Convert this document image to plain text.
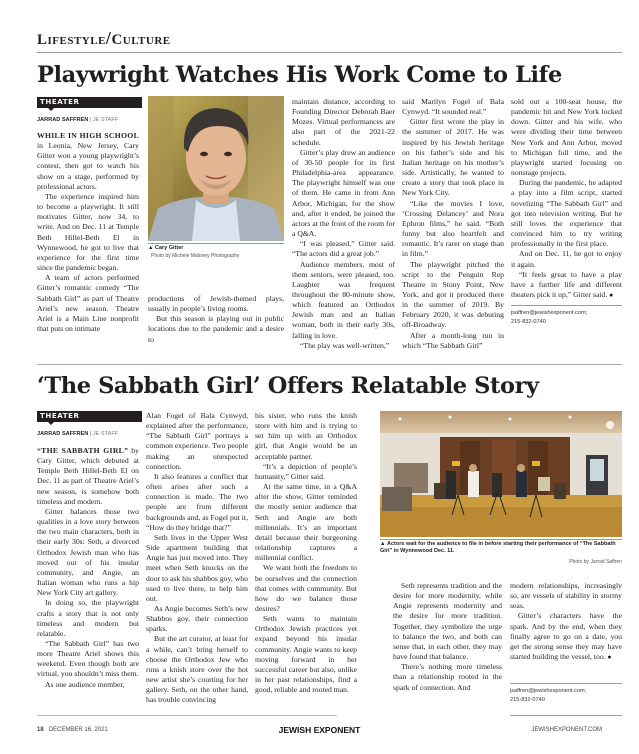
Lifestyle/Culture
Playwright Watches His Work Come to Life
THEATER
JARRAD SAFFREN | JE STAFF

WHILE IN HIGH SCHOOL in Leonia, New Jersey, Cary Gitter won a young playwright’s contest, then got to watch his show on a stage, performed by professional actors.

The experience inspired him to become a playwright. It still motivates Gitter, now 34, to write. And on Dec. 11 at Temple Beth Hillel-Beth El in Wynnewood, he got to live that experience for the first time since the pandemic began.

A team of actors performed Gitter’s romantic comedy “The Sabbath Girl” as part of Theatre Ariel’s new season. Theatre Ariel is a Main Line nonprofit that puts on intimate

▲ Cary Gitter
Photo by Michele Maloney Photography

productions of Jewish-themed plays, usually in people’s living rooms.

But this season is playing out in public locations due to the pandemic and a desire to

maintain distance, according to Founding Director Deborah Baer Mozes. Virtual performances are also part of the 2021-22 schedule.

Gitter’s play drew an audience of 30-50 people for its first Philadelphia-area appearance. The playwright himself was one of them. He came in from Ann Arbor, Michigan, for the show and, after it ended, he joined the actors at the front of the room for a Q&A.

“I was pleased,” Gitter said. “The actors did a great job.”

Audience members, most of them seniors, were pleased, too. Laughter was frequent throughout the 80-minute show, which featured an Orthodox Jewish man and an Italian woman, both in their early 30s, falling in love.

“The play was well-written,”

said Marilyn Fogel of Bala Cynwyd. “It sounded real.”

Gitter first wrote the play in the summer of 2017. He was inspired by his Jewish heritage on his father’s side and his Italian heritage on his mother’s side. Artistically, he wanted to create a story that took place in New York City.

“Like the movies I love, ‘Crossing Delancey’ and Nora Ephron films,” he said. “Both funny but also heartfelt and romantic. It’s rarer on stage than in film.”

The playwright pitched the script to the Penguin Rep Theatre in Stony Point, New York, and got it produced there in the summer of 2019. By February 2020, it was debuting off-Broadway.

After a month-long run in which “The Sabbath Girl”

sold out a 100-seat house, the pandemic hit and New York locked down. Gitter and his wife, who were dividing their time between New York and Ann Arbor, moved to Michigan full time, and the playwright started focusing on nonstage projects.

During the pandemic, he adapted a play into a film script, started novelizing “The Sabbath Girl” and got into television writing. But he still loves the experience that convinced him to try writing professionally in the first place.

And on Dec. 11, he got to enjoy it again.

“It feels great to have a play have a further life and different theaters pick it up,” Gitter said. ●

jsaffren@jewishexponent.com;
215-832-0740
‘The Sabbath Girl’ Offers Relatable Story
THEATER
JARRAD SAFFREN | JE STAFF

“THE SABBATH GIRL” by Cary Gitter, which debuted at Temple Beth Hillel-Beth El on Dec. 11 as part of Theatre Ariel’s new season, is somehow both timeless and modern.

Gitter balances those two qualities in a love story between the two main characters, both in their early 30s: Seth, a divorced Orthodox Jewish man who has moved out of his insular community, and Angie, an Italian woman who runs a hip New York City art gallery.

In doing so, the playwright crafts a story that is not only timeless and modern but relatable.

“The Sabbath Girl” has two more Theatre Ariel shows this weekend. Even though both are virtual, you shouldn’t miss them.

As one audience member,

Alan Fogel of Bala Cynwyd, explained after the performance, “The Sabbath Girl” portrays a common experience. Two people making an unexpected connection.

It also features a conflict that often arises after such a connection is made. The two people are from different backgrounds and, as Fogel put it, “How do they bridge that?”

Seth lives in the Upper West Side apartment building that Angie has just moved into. They meet when Seth knocks on the door to ask his shabbos goy, who used to live there, to help him out.

As Angie becomes Seth’s new Shabbos goy, their connection sparks.

But the art curator, at least for a while, can’t bring herself to choose the Orthodox Jew who runs a knish store over the hot new artist she’s courting for her gallery. Seth, on the other hand, has trouble convincing

his sister, who runs the knish store with him and is trying to set him up with an Orthodox girl, that Angie would be an acceptable partner.

“It’s a depiction of people’s humanity,” Gitter said.

At the same time, in a Q&A after the show, Gitter reminded the mostly senior audience that Seth and Angie are both millennials. It’s an important detail because their burgeoning relationship captures a millennial conflict.

We want both the freedom to be ourselves and the connection that comes with community. But how do we balance those desires?

Seth wants to maintain Orthodox Jewish practices yet expand beyond his insular community. Angie wants to keep moving forward in her successful career but also, unlike in her past relationships, find a good, reliable and rooted man.

▲ Actors wait for the audience to file in before starting their performance of “The Sabbath Girl” in Wynnewood Dec. 11.
Photo by Jarrad Saffren

Seth represents tradition and the desire for more modernity, while Angie represents modernity and the desire for more tradition. Together, they symbolize the urge to balance the two, and both can sense that, in each other, they may have found that balance.

There’s nothing more timeless than a relationship rooted in the spark of connection. And

modern relationships, increasingly so, are vessels of stability in stormy seas.

Gitter’s characters have the spark. And by the end, when they finally agree to go on a date, you get the strong sense they may have started building the vessel, too. ●

jsaffren@jewishexponent.com;
215-832-0740
18 DECEMBER 16, 2021	JEWISH EXPONENT	JEWISHEXPONENT.COM
